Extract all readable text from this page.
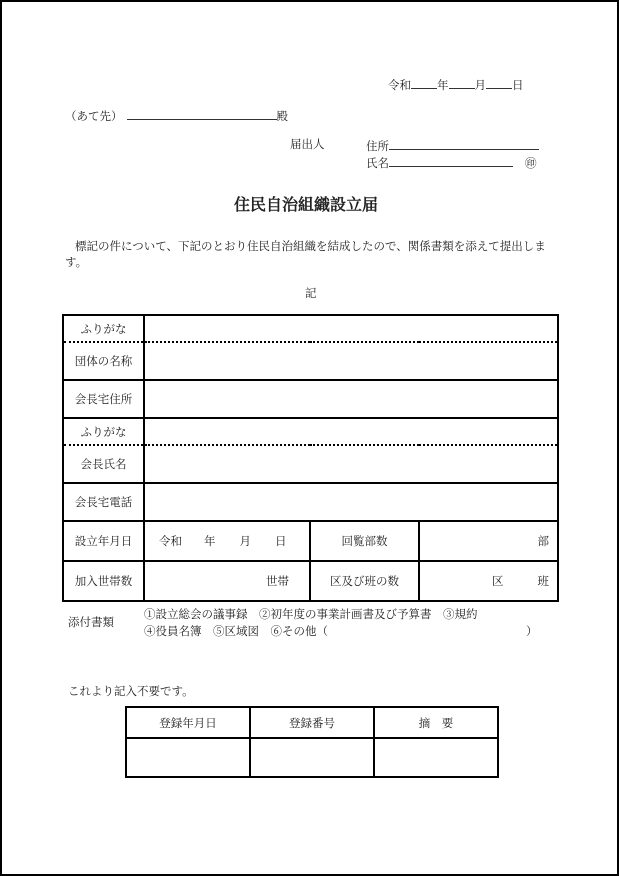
令和 年 月 日
（あて先）	殿
届出人	住所
氏名	㊞
住民自治組織設立届
標記の件について、下記のとおり住民自治組織を結成したので、関係書類を添えて提出します。
記
ふりがな			
団体の名称			
会長宅住所			
ふりがな			
会長氏名			
会長宅電話			
設立年月日	令和 年 月 日	回覧部数	部
加入世帯数	世帯	区及び班の数	区 班
添付書類
①設立総会の議事録　②初年度の事業計画書及び予算書　③規約
④役員名簿　⑤区域図　⑥その他（	）
これより記入不要です。
登録年月日	登録番号	摘　要
